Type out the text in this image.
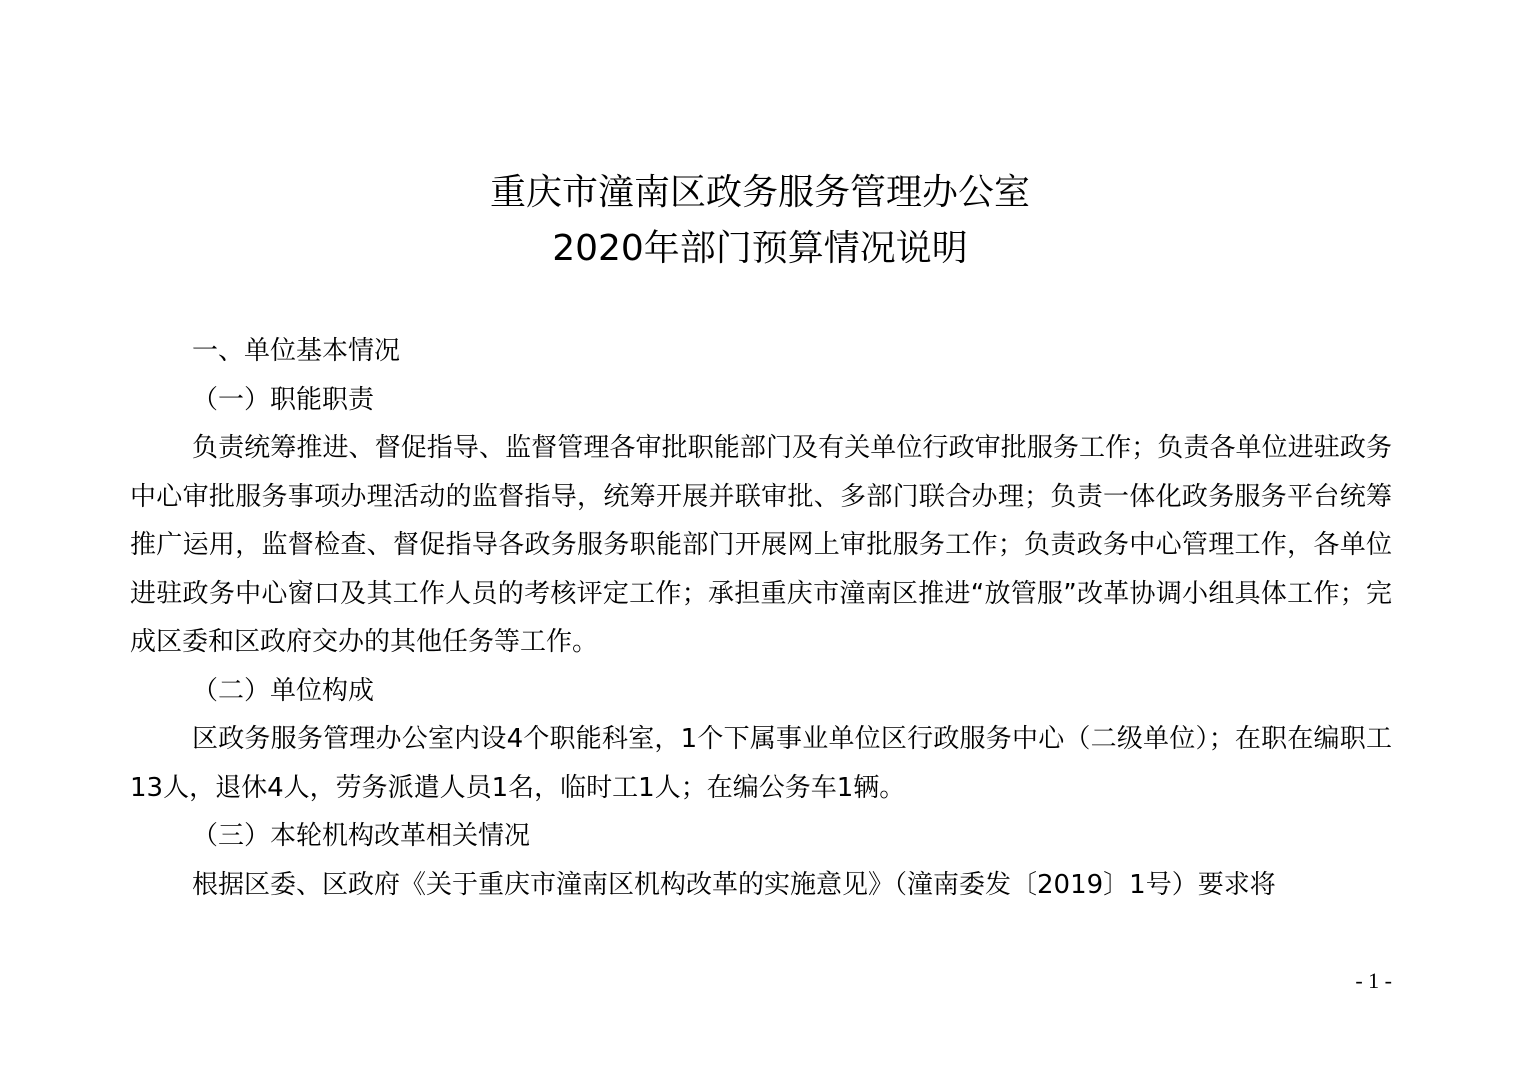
重庆市潼南区政务服务管理办公室
2020年部门预算情况说明

一、单位基本情况

（一）职能职责

负责统筹推进、督促指导、监督管理各审批职能部门及有关单位行政审批服务工作；负责各单位进驻政务中心审批服务事项办理活动的监督指导，统筹开展并联审批、多部门联合办理；负责一体化政务服务平台统筹推广运用，监督检查、督促指导各政务服务职能部门开展网上审批服务工作；负责政务中心管理工作，各单位进驻政务中心窗口及其工作人员的考核评定工作；承担重庆市潼南区推进“放管服”改革协调小组具体工作；完成区委和区政府交办的其他任务等工作。

（二）单位构成

区政务服务管理办公室内设4个职能科室，1个下属事业单位区行政服务中心（二级单位）；在职在编职工13人，退休4人，劳务派遣人员1名，临时工1人；在编公务车1辆。

（三）本轮机构改革相关情况

根据区委、区政府《关于重庆市潼南区机构改革的实施意见》（潼南委发〔2019〕1号）要求将

- 1 -
